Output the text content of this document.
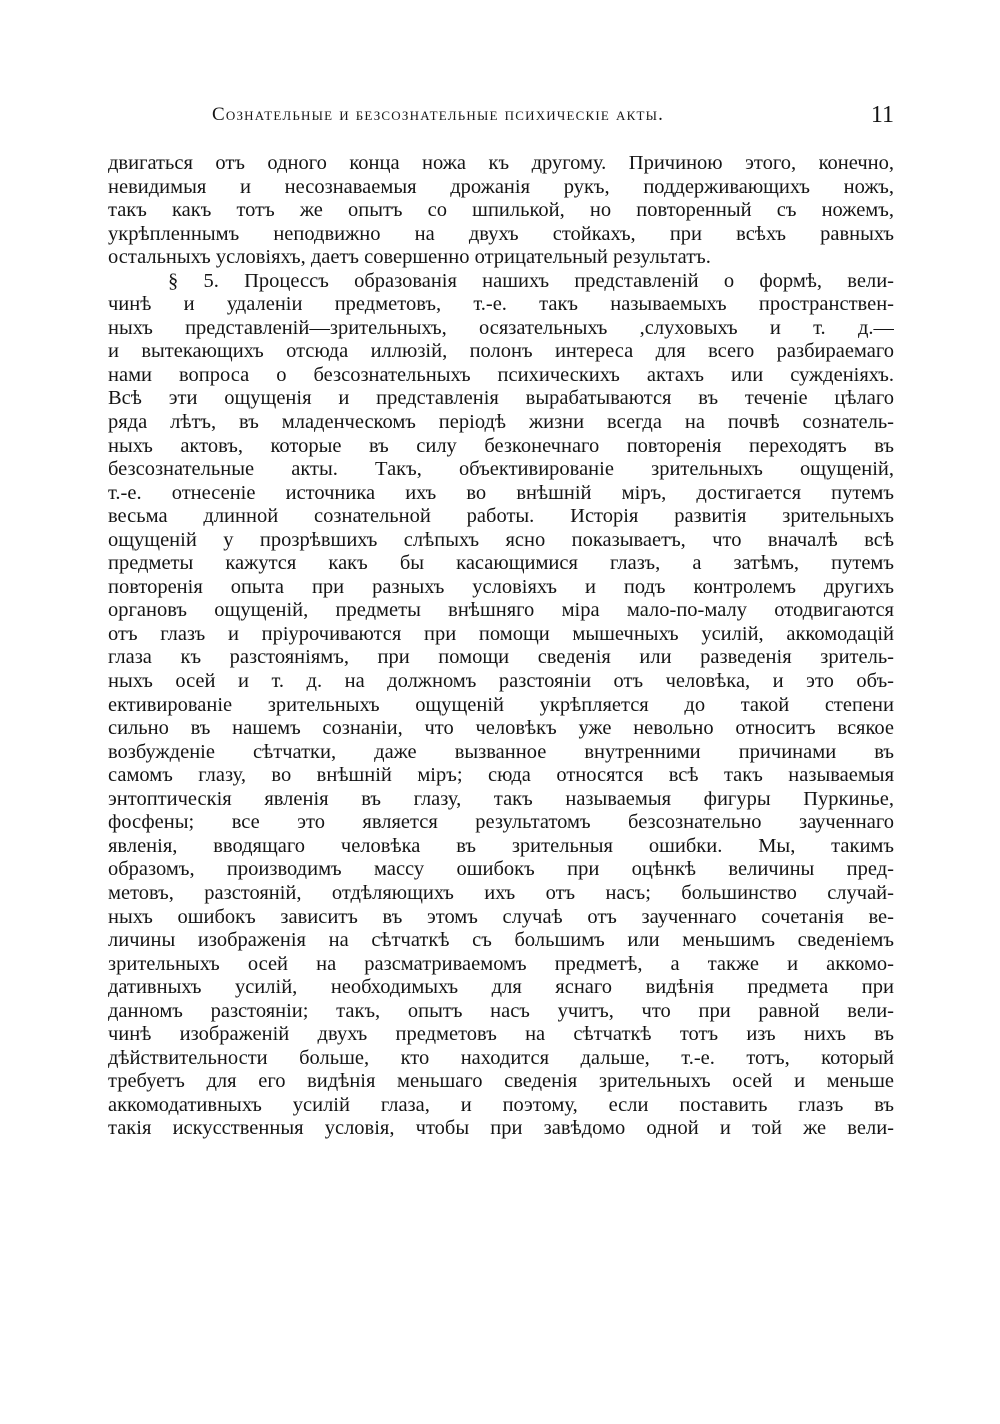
Сознательные и безсознательные психическiе акты.	11
двигаться отъ одного конца ножа къ другому. Причиною этого, конечно,
невидимыя и несознаваемыя дрожанiя рукъ, поддерживающихъ ножъ,
такъ какъ тотъ же опытъ со шпилькой, но повторенный съ ножемъ,
укрѣпленнымъ неподвижно на двухъ стойкахъ, при всѣхъ равныхъ
остальныхъ условiяхъ, даетъ совершенно отрицательный результатъ.
§ 5. Процессъ образованiя нашихъ представленiй о формѣ, вели-
чинѣ и удаленiи предметовъ, т.-е. такъ называемыхъ пространствен-
ныхъ представленiй—зрительныхъ, осязательныхъ ,слуховыхъ и т. д.—
и вытекающихъ отсюда иллюзiй, полонъ интереса для всего разбираемаго
нами вопроса о безсознательныхъ психическихъ актахъ или сужденiяхъ.
Всѣ эти ощущенiя и представленiя вырабатываются въ теченiе цѣлаго
ряда лѣтъ, въ младенческомъ перiодѣ жизни всегда на почвѣ сознатель-
ныхъ актовъ, которые въ силу безконечнаго повторенiя переходятъ въ
безсознательные акты. Такъ, объективированiе зрительныхъ ощущенiй,
т.-е. отнесенiе источника ихъ во внѣшнiй мiръ, достигается путемъ
весьма длинной сознательной работы. Исторiя развитiя зрительныхъ
ощущенiй у прозрѣвшихъ слѣпыхъ ясно показываетъ, что вначалѣ всѣ
предметы кажутся какъ бы касающимися глазъ, а затѣмъ, путемъ
повторенiя опыта при разныхъ условiяхъ и подъ контролемъ другихъ
органовъ ощущенiй, предметы внѣшняго мiра мало-по-малу отодвигаются
отъ глазъ и прiурочиваются при помощи мышечныхъ усилiй, аккомодацiй
глаза къ разстоянiямъ, при помощи сведенiя или разведенiя зритель-
ныхъ осей и т. д. на должномъ разстоянiи отъ человѣка, и это объ-
ективированiе зрительныхъ ощущенiй укрѣпляется до такой степени
сильно въ нашемъ сознанiи, что человѣкъ уже невольно относитъ всякое
возбужденiе сѣтчатки, даже вызванное внутренними причинами въ
самомъ глазу, во внѣшнiй мiръ; сюда относятся всѣ такъ называемыя
энтоптическiя явленiя въ глазу, такъ называемыя фигуры Пуркинье,
фосфены; все это является результатомъ безсознательно заученнаго
явленiя, вводящаго человѣка въ зрительныя ошибки. Мы, такимъ
образомъ, производимъ массу ошибокъ при оцѣнкѣ величины пред-
метовъ, разстоянiй, отдѣляющихъ ихъ отъ насъ; большинство случай-
ныхъ ошибокъ зависитъ въ этомъ случаѣ отъ заученнаго сочетанiя ве-
личины изображенiя на сѣтчаткѣ съ большимъ или меньшимъ сведенiемъ
зрительныхъ осей на разсматриваемомъ предметѣ, а также и аккомо-
дативныхъ усилiй, необходимыхъ для яснаго видѣнiя предмета при
данномъ разстоянiи; такъ, опытъ насъ учитъ, что при равной вели-
чинѣ изображенiй двухъ предметовъ на сѣтчаткѣ тотъ изъ нихъ въ
дѣйствительности больше, кто находится дальше, т.-е. тотъ, который
требуетъ для его видѣнiя меньшаго сведенiя зрительныхъ осей и меньше
аккомодативныхъ усилiй глаза, и поэтому, если поставить глазъ въ
такiя искусственныя условiя, чтобы при завѣдомо одной и той же вели-
